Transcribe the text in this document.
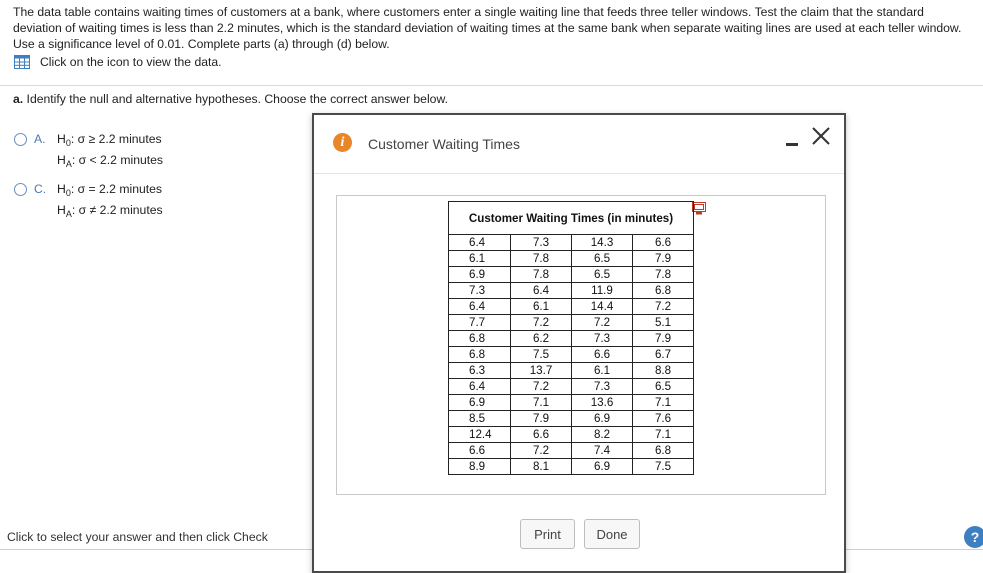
The data table contains waiting times of customers at a bank, where customers enter a single waiting line that feeds three teller windows. Test the claim that the standard deviation of waiting times is less than 2.2 minutes, which is the standard deviation of waiting times at the same bank when separate waiting lines are used at each teller window. Use a significance level of 0.01. Complete parts (a) through (d) below.
Click on the icon to view the data.
a. Identify the null and alternative hypotheses. Choose the correct answer below.
A. $H_0$: σ ≥ 2.2 minutes
$H_A$: σ < 2.2 minutes
C. $H_0$: σ = 2.2 minutes
$H_A$: σ ≠ 2.2 minutes
Click to select your answer and then click Check	?
i	Customer Waiting Times
Customer Waiting Times (in minutes)			
6.4	7.3	14.3	6.6
6.1	7.8	6.5	7.9
6.9	7.8	6.5	7.8
7.3	6.4	11.9	6.8
6.4	6.1	14.4	7.2
7.7	7.2	7.2	5.1
6.8	6.2	7.3	7.9
6.8	7.5	6.6	6.7
6.3	13.7	6.1	8.8
6.4	7.2	7.3	6.5
6.9	7.1	13.6	7.1
8.5	7.9	6.9	7.6
12.4	6.6	8.2	7.1
6.6	7.2	7.4	6.8
8.9	8.1	6.9	7.5
Print	Done
